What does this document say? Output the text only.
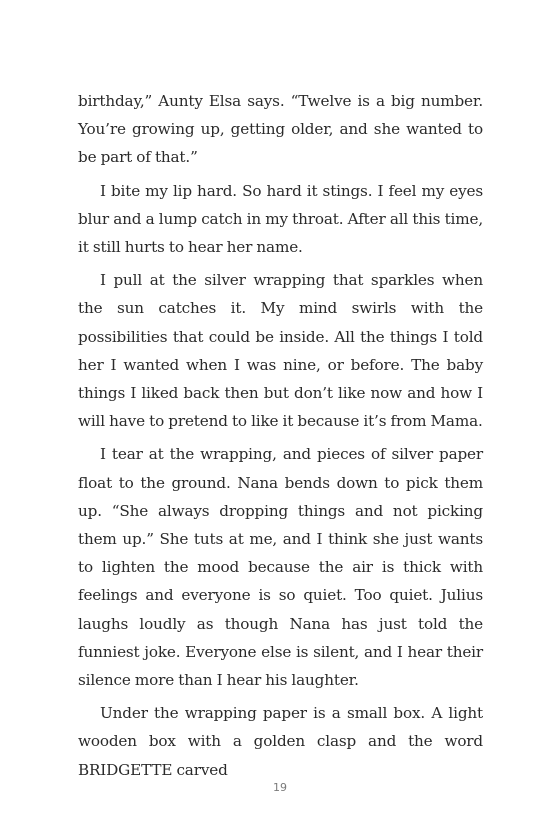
birthday,” Aunty Elsa says. “Twelve is a big number. You’re growing up, getting older, and she wanted to be part of that.”

I bite my lip hard. So hard it stings. I feel my eyes blur and a lump catch in my throat. After all this time, it still hurts to hear her name.

I pull at the silver wrapping that sparkles when the sun catches it. My mind swirls with the possibilities that could be inside. All the things I told her I wanted when I was nine, or before. The baby things I liked back then but don’t like now and how I will have to pretend to like it because it’s from Mama.

I tear at the wrapping, and pieces of silver paper float to the ground. Nana bends down to pick them up. “She always dropping things and not picking them up.” She tuts at me, and I think she just wants to lighten the mood because the air is thick with feelings and everyone is so quiet. Too quiet. Julius laughs loudly as though Nana has just told the funniest joke. Everyone else is silent, and I hear their silence more than I hear his laughter.

Under the wrapping paper is a small box. A light wooden box with a golden clasp and the word BRIDGETTE carved

19
